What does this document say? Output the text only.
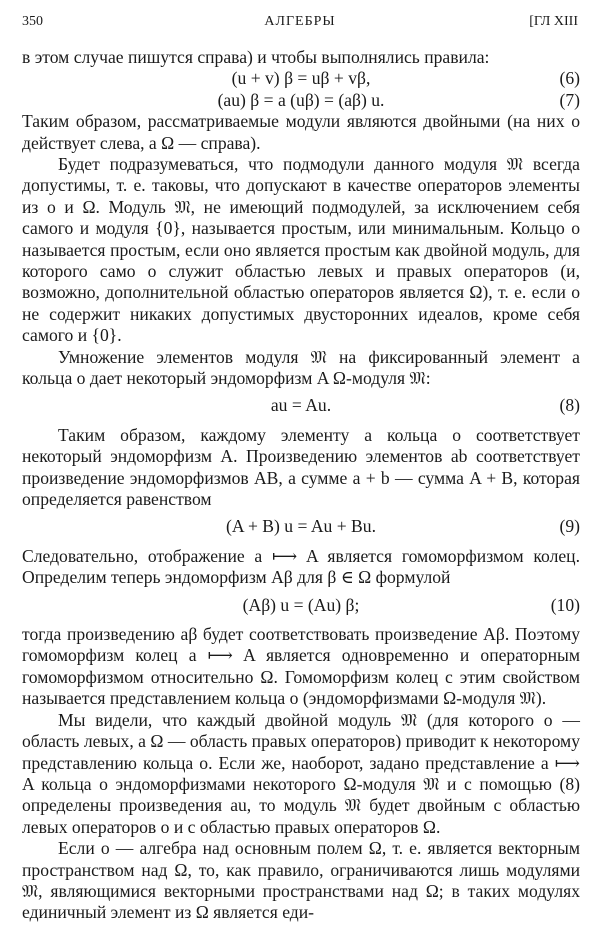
350	АЛГЕБРЫ	[ГЛ XIII

в этом случае пишутся справа) и чтобы выполнялись правила:

(u + v) β = uβ + vβ,	(6)
(au) β = a (uβ) = (aβ) u.	(7)

Таким образом, рассматриваемые модули являются двойными (на них o действует слева, а Ω — справа).

Будет подразумеваться, что подмодули данного модуля 𝔐 всегда допустимы, т. е. таковы, что допускают в качестве операторов элементы из o и Ω. Модуль 𝔐, не имеющий подмодулей, за исключением себя самого и модуля {0}, называется простым, или минимальным. Кольцо o называется простым, если оно является простым как двойной модуль, для которого само o служит областью левых и правых операторов (и, возможно, дополнительной областью операторов является Ω), т. е. если o не содержит никаких допустимых двусторонних идеалов, кроме себя самого и {0}.

Умножение элементов модуля 𝔐 на фиксированный элемент a кольца o дает некоторый эндоморфизм A Ω-модуля 𝔐:

au = Au.	(8)

Таким образом, каждому элементу a кольца o соответствует некоторый эндоморфизм A. Произведению элементов ab соответствует произведение эндоморфизмов AB, а сумме a + b — сумма A + B, которая определяется равенством

(A + B) u = Au + Bu.	(9)

Следовательно, отображение a ⟼ A является гомоморфизмом колец. Определим теперь эндоморфизм Aβ для β ∈ Ω формулой

(Aβ) u = (Au) β;	(10)

тогда произведению aβ будет соответствовать произведение Aβ. Поэтому гомоморфизм колец a ⟼ A является одновременно и операторным гомоморфизмом относительно Ω. Гомоморфизм колец с этим свойством называется представлением кольца o (эндоморфизмами Ω-модуля 𝔐).

Мы видели, что каждый двойной модуль 𝔐 (для которого o — область левых, а Ω — область правых операторов) приводит к некоторому представлению кольца o. Если же, наоборот, задано представление a ⟼ A кольца o эндоморфизмами некоторого Ω-модуля 𝔐 и с помощью (8) определены произведения au, то модуль 𝔐 будет двойным с областью левых операторов o и с областью правых операторов Ω.

Если o — алгебра над основным полем Ω, т. е. является векторным пространством над Ω, то, как правило, ограничиваются лишь модулями 𝔐, являющимися векторными пространствами над Ω; в таких модулях единичный элемент из Ω является еди-
